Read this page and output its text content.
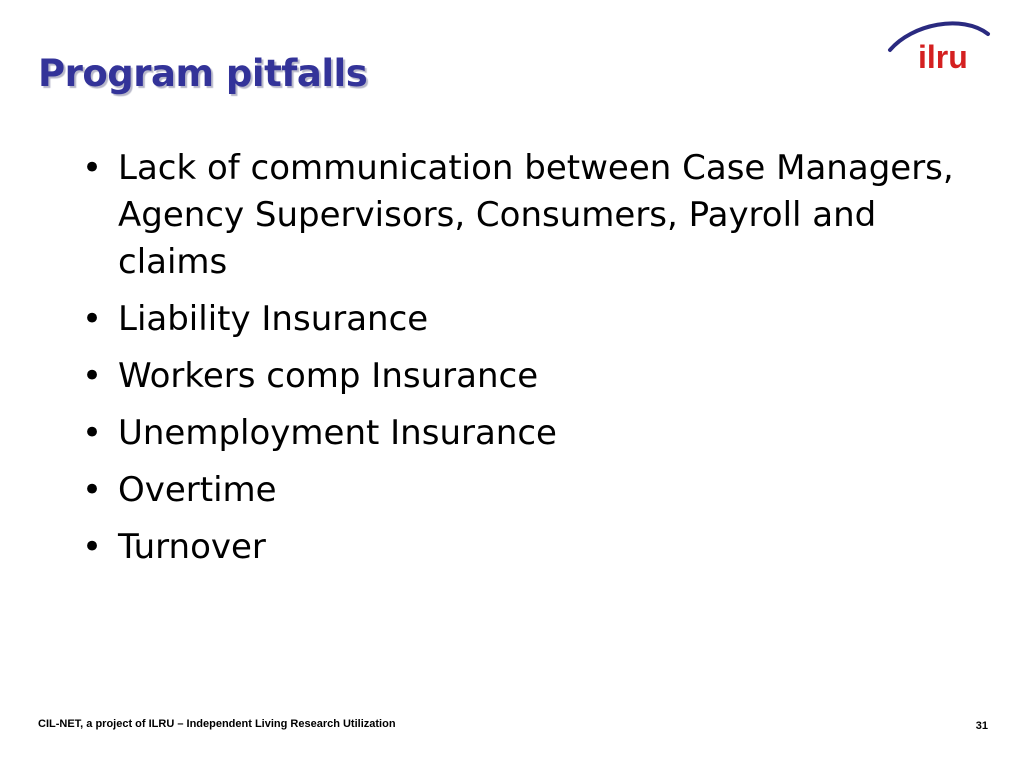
Program pitfalls	ilru
• Lack of communication between Case Managers, Agency Supervisors, Consumers, Payroll and claims
• Liability Insurance
• Workers comp Insurance
• Unemployment Insurance
• Overtime
• Turnover
CIL-NET, a project of ILRU – Independent Living Research Utilization	31
